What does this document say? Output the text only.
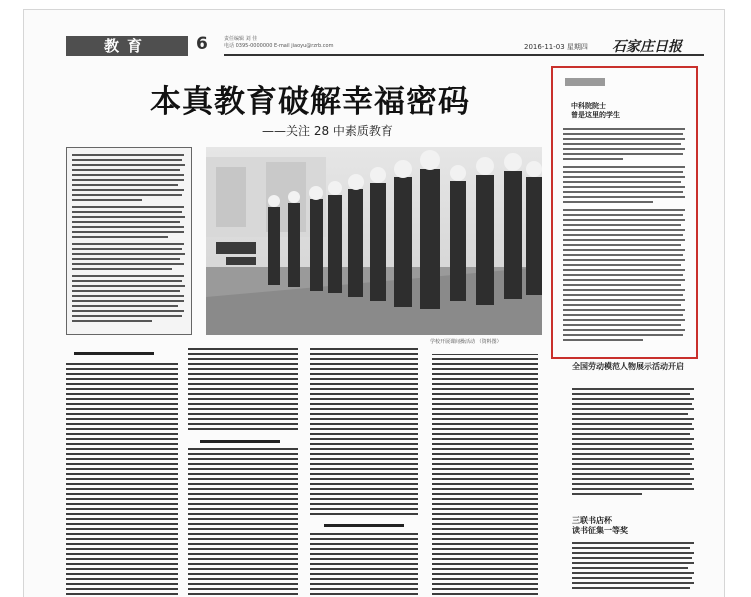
教育	6	责任编辑 刘 佳
电话 0395-0000000 E-mail jiaoyu@rzrb.com	2016-11-03 星期四 石家庄日报
本真教育破解幸福密码
——关注 28 中素质教育
学校开展课间操活动 （资料图）
中科院院士
曾是这里的学生
全国劳动模范人物展示活动开启
三联书店杯
读书征集一等奖
